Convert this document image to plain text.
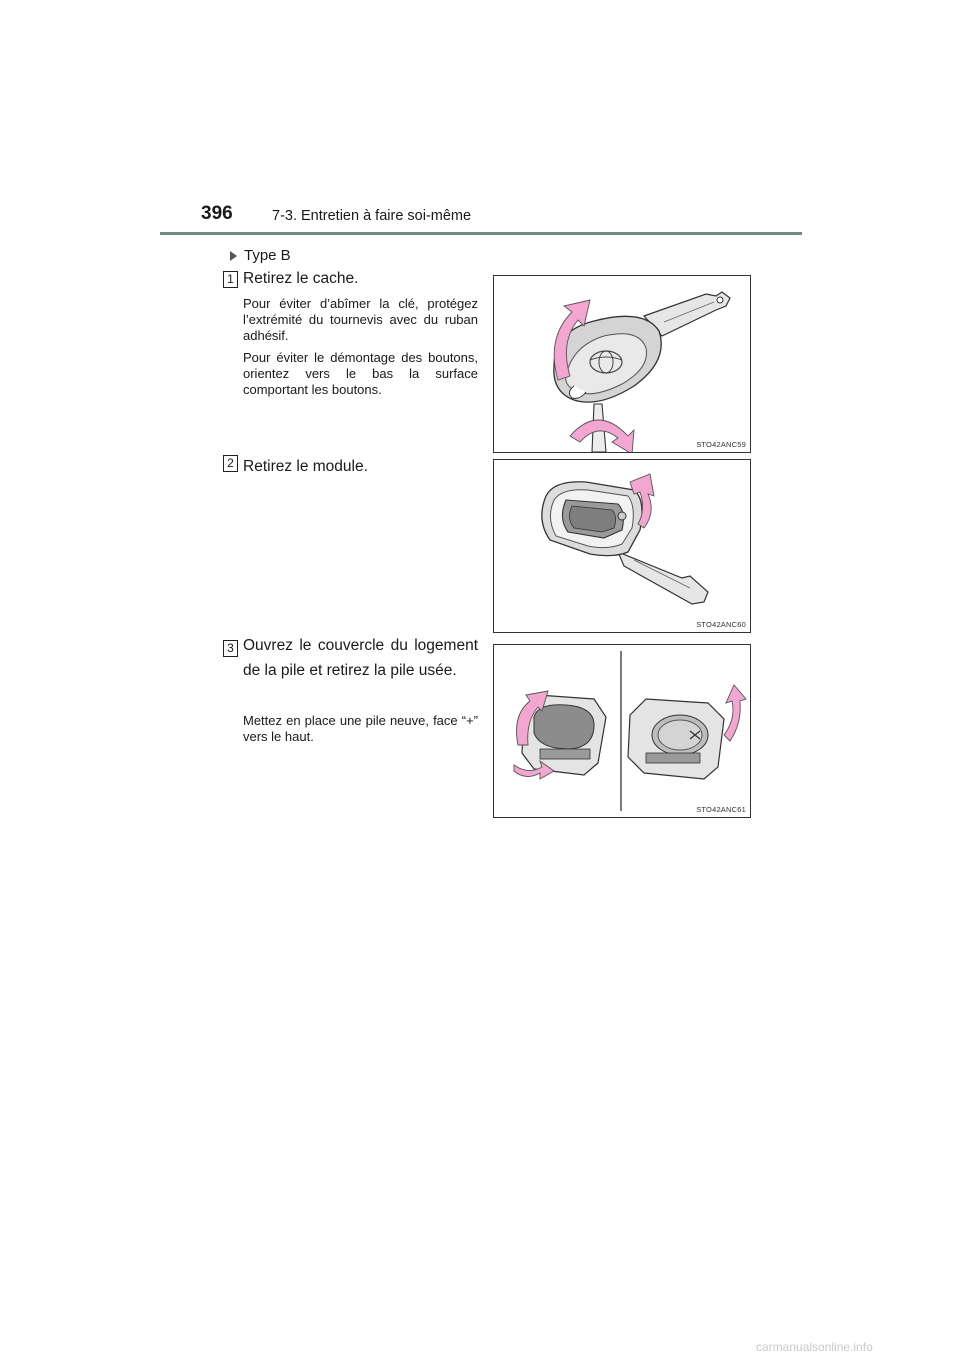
396	7-3. Entretien à faire soi-même
Type B
1 Retirez le cache.

Pour éviter d’abîmer la clé, protégez l’extrémité du tournevis avec du ruban adhésif.

Pour éviter le démontage des boutons, orientez vers le bas la surface comportant les boutons.

STO42ANC59
2 Retirez le module.
STO42ANC60
3 Ouvrez le couvercle du logement de la pile et retirez la pile usée.

Mettez en place une pile neuve, face “+” vers le haut.

STO42ANC61
carmanualsonline.info
